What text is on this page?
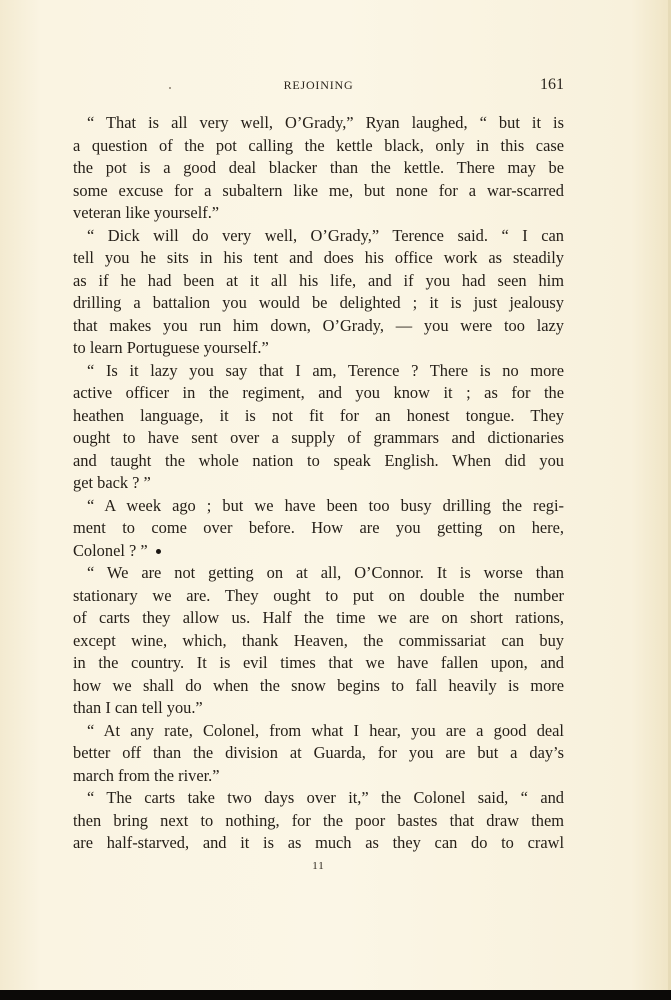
REJOINING	161
“ That is all very well, O’Grady,” Ryan laughed, “ but it is
a question of the pot calling the kettle black, only in this case
the pot is a good deal blacker than the kettle. There may be
some excuse for a subaltern like me, but none for a war-scarred
veteran like yourself.”
“ Dick will do very well, O’Grady,” Terence said. “ I can
tell you he sits in his tent and does his office work as steadily
as if he had been at it all his life, and if you had seen him
drilling a battalion you would be delighted ; it is just jealousy
that makes you run him down, O’Grady, — you were too lazy
to learn Portuguese yourself.”
“ Is it lazy you say that I am, Terence ? There is no more
active officer in the regiment, and you know it ; as for the
heathen language, it is not fit for an honest tongue. They
ought to have sent over a supply of grammars and dictionaries
and taught the whole nation to speak English. When did you
get back ? ”
“ A week ago ; but we have been too busy drilling the regi-
ment to come over before. How are you getting on here,
Colonel ? ”
“ We are not getting on at all, O’Connor. It is worse than
stationary we are. They ought to put on double the number
of carts they allow us. Half the time we are on short rations,
except wine, which, thank Heaven, the commissariat can buy
in the country. It is evil times that we have fallen upon, and
how we shall do when the snow begins to fall heavily is more
than I can tell you.”
“ At any rate, Colonel, from what I hear, you are a good deal
better off than the division at Guarda, for you are but a day’s
march from the river.”
“ The carts take two days over it,” the Colonel said, “ and
then bring next to nothing, for the poor bastes that draw them
are half-starved, and it is as much as they can do to crawl
11
